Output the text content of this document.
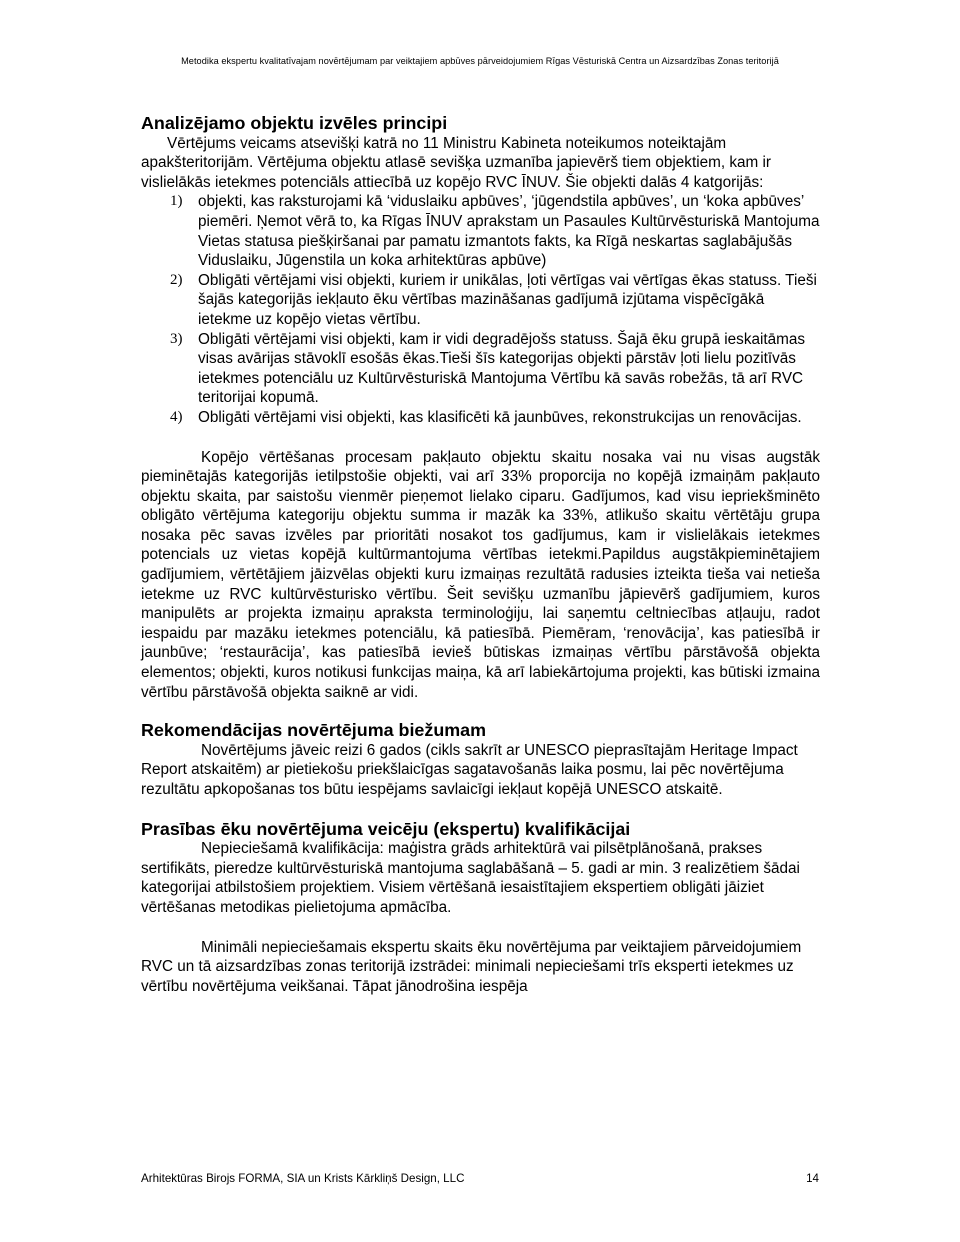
Metodika ekspertu kvalitatīvajam novērtējumam par veiktajiem apbūves pārveidojumiem Rīgas Vēsturiskā Centra un Aizsardzības Zonas teritorijā
Analizējamo objektu izvēles principi

Vērtējums veicams atsevišķi katrā no 11 Ministru Kabineta noteikumos noteiktajām apakšteritorijām. Vērtējuma objektu atlasē sevišķa uzmanība japievērš tiem objektiem, kam ir vislielākās ietekmes potenciāls attiecībā uz kopējo RVC ĪNUV. Šie objekti dalās 4 katgorijās:

1) objekti, kas raksturojami kā ‘viduslaiku apbūves’, ‘jūgendstila apbūves’, un ‘koka apbūves’ piemēri. Ņemot vērā to, ka Rīgas ĪNUV aprakstam un Pasaules Kultūrvēsturiskā Mantojuma Vietas statusa piešķiršanai par pamatu izmantots fakts, ka Rīgā neskartas saglabājušās Viduslaiku, Jūgenstila un koka arhitektūras apbūve)
2) Obligāti vērtējami visi objekti, kuriem ir unikālas, ļoti vērtīgas vai vērtīgas ēkas statuss. Tieši šajās kategorijās iekļauto ēku vērtības mazināšanas gadījumā izjūtama vispēcīgākā ietekme uz kopējo vietas vērtību.
3) Obligāti vērtējami visi objekti, kam ir vidi degradējošs statuss. Šajā ēku grupā ieskaitāmas visas avārijas stāvoklī esošās ēkas.Tieši šīs kategorijas objekti pārstāv ļoti lielu pozitīvās ietekmes potenciālu uz Kultūrvēsturiskā Mantojuma Vērtību kā savās robežās, tā arī RVC teritorijai kopumā.
4) Obligāti vērtējami visi objekti, kas klasificēti kā jaunbūves, rekonstrukcijas un renovācijas.

Kopējo vērtēšanas procesam pakļauto objektu skaitu nosaka vai nu visas augstāk pieminētajās kategorijās ietilpstošie objekti, vai arī 33% proporcija no kopējā izmaiņām pakļauto objektu skaita, par saistošu vienmēr pieņemot lielako ciparu. Gadījumos, kad visu iepriekšminēto obligāto vērtējuma kategoriju objektu summa ir mazāk ka 33%, atlikušo skaitu vērtētāju grupa nosaka pēc savas izvēles par prioritāti nosakot tos gadījumus, kam ir vislielākais ietekmes potencials uz vietas kopējā kultūrmantojuma vērtības ietekmi.Papildus augstākpieminētajiem gadījumiem, vērtētājiem jāizvēlas objekti kuru izmaiņas rezultātā radusies izteikta tieša vai netieša ietekme uz RVC kultūrvēsturisko vērtību. Šeit sevišķu uzmanību jāpievērš gadījumiem, kuros manipulēts ar projekta izmaiņu apraksta terminoloģiju, lai saņemtu celtniecības atļauju, radot iespaidu par mazāku ietekmes potenciālu, kā patiesībā. Piemēram, ‘renovācija’, kas patiesībā ir jaunbūve; ‘restaurācija’, kas patiesībā ievieš būtiskas izmaiņas vērtību pārstāvošā objekta elementos; objekti, kuros notikusi funkcijas maiņa, kā arī labiekārtojuma projekti, kas būtiski izmaina vērtību pārstāvošā objekta saiknē ar vidi.

Rekomendācijas novērtējuma biežumam

Novērtējums jāveic reizi 6 gados (cikls sakrīt ar UNESCO pieprasītajām Heritage Impact Report atskaitēm) ar pietiekošu priekšlaicīgas sagatavošanās laika posmu, lai pēc novērtējuma rezultātu apkopošanas tos būtu iespējams savlaicīgi iekļaut kopējā UNESCO atskaitē.

Prasības ēku novērtējuma veicēju (ekspertu) kvalifikācijai

Nepieciešamā kvalifikācija: maģistra grāds arhitektūrā vai pilsētplānošanā, prakses sertifikāts, pieredze kultūrvēsturiskā mantojuma saglabāšanā – 5. gadi ar min. 3 realizētiem šādai kategorijai atbilstošiem projektiem. Visiem vērtēšanā iesaistītajiem ekspertiem obligāti jāiziet vērtēšanas metodikas pielietojuma apmācība.

Minimāli nepieciešamais ekspertu skaits ēku novērtējuma par veiktajiem pārveidojumiem RVC un tā aizsardzības zonas teritorijā izstrādei: minimali nepieciešami trīs eksperti ietekmes uz vērtību novērtējuma veikšanai. Tāpat jānodrošina iespēja

Arhitektūras Birojs FORMA, SIA un Krists Kārkliņš Design, LLC	14
